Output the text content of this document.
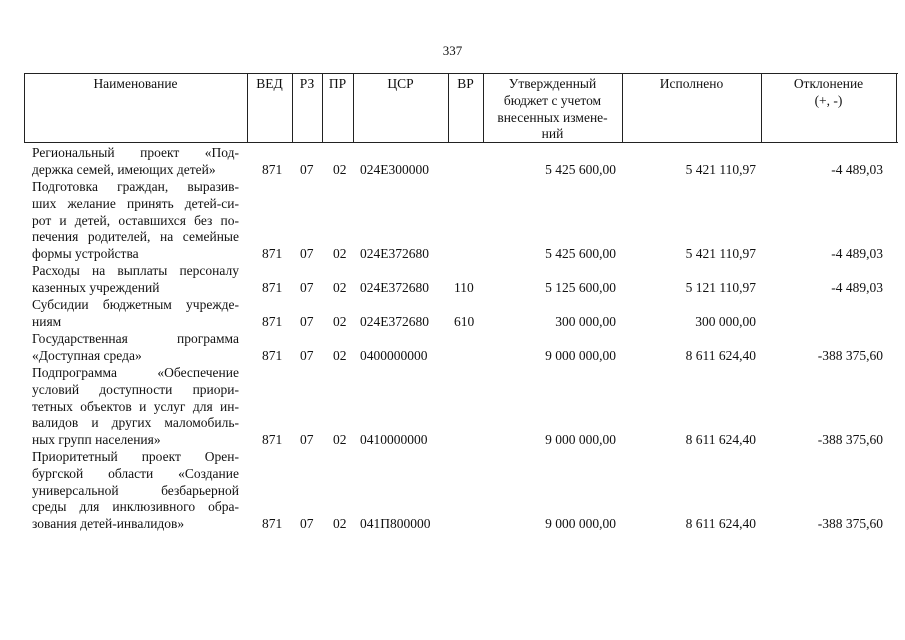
337
Наименование	ВЕД	РЗ	ПР	ЦСР	ВР	Утвержденный
бюджет с учетом
внесенных измене-
ний
Исполнено	Отклонение
(+, -)
Региональный проект «Под-
держка семей, имеющих детей»	871 07 02 024E300000	5 425 600,00	5 421 110,97	-4 489,03
Подготовка граждан, выразив-
ших желание принять детей-си-
рот и детей, оставшихся без по-
печения родителей, на семейные
формы устройства	871 07 02 024E372680	5 425 600,00	5 421 110,97	-4 489,03
Расходы на выплаты персоналу
казенных учреждений	871 07 02 024E372680 110	5 125 600,00	5 121 110,97	-4 489,03
Субсидии бюджетным учрежде-
ниям	871 07 02 024E372680 610	300 000,00	300 000,00
Государственная программа
«Доступная среда»	871 07 02 0400000000	9 000 000,00	8 611 624,40	-388 375,60
Подпрограмма «Обеспечение
условий доступности приори-
тетных объектов и услуг для ин-
валидов и других маломобиль-
ных групп населения»	871 07 02 0410000000	9 000 000,00	8 611 624,40	-388 375,60
Приоритетный проект Орен-
бургской области «Создание
универсальной безбарьерной
среды для инклюзивного обра-
зования детей-инвалидов»	871 07 02 041П800000	9 000 000,00	8 611 624,40	-388 375,60
